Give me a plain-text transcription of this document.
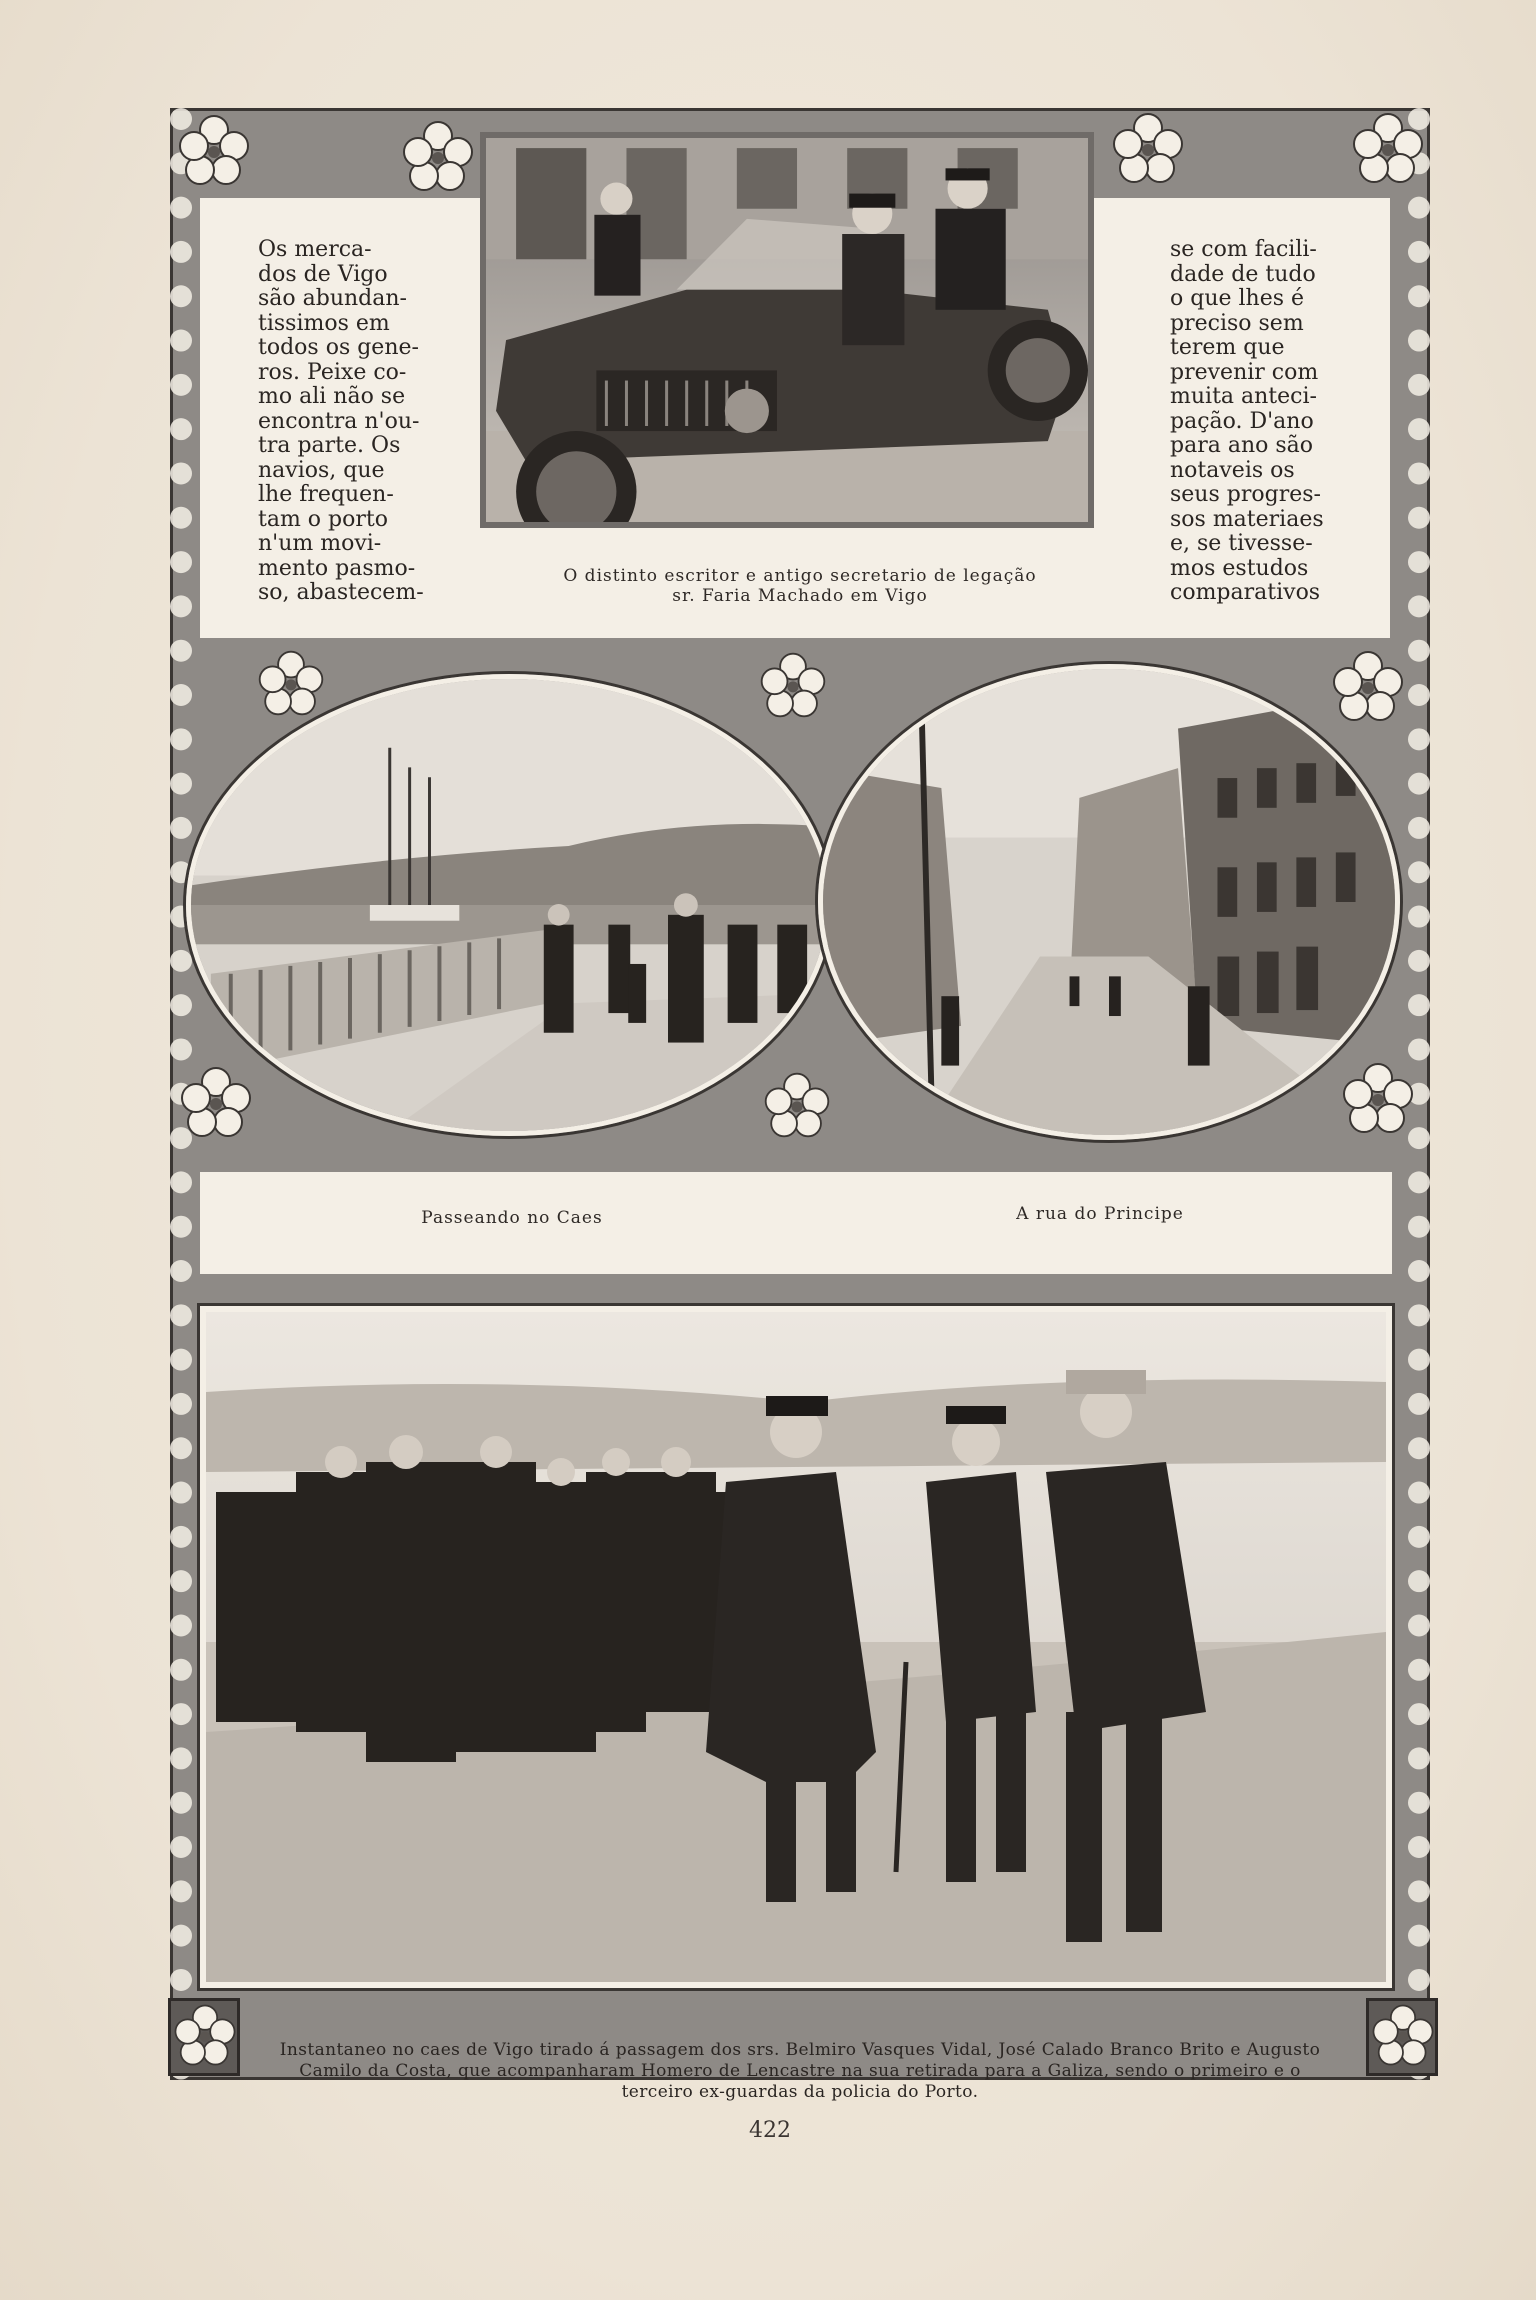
Os merca-
dos de Vigo
são abundan-
tissimos em
todos os gene-
ros. Peixe co-
mo ali não se
encontra n'ou-
tra parte. Os
navios, que
lhe frequen-
tam o porto
n'um movi-
mento pasmo-
so, abastecem-
se com facili-
dade de tudo
o que lhes é
preciso sem
terem que
prevenir com
muita anteci-
pação. D'ano
para ano são
notaveis os
seus progres-
sos materiaes
e, se tivesse-
mos estudos
comparativos
O distinto escritor e antigo secretario de legação
sr. Faria Machado em Vigo
Passeando no Caes	A rua do Principe
Instantaneo no caes de Vigo tirado á passagem dos srs. Belmiro Vasques Vidal, José Calado Branco Brito e Augusto Camilo da Costa, que acompanharam Homero de Lencastre na sua retirada para a Galiza, sendo o primeiro e o terceiro ex-guardas da policia do Porto.
422
